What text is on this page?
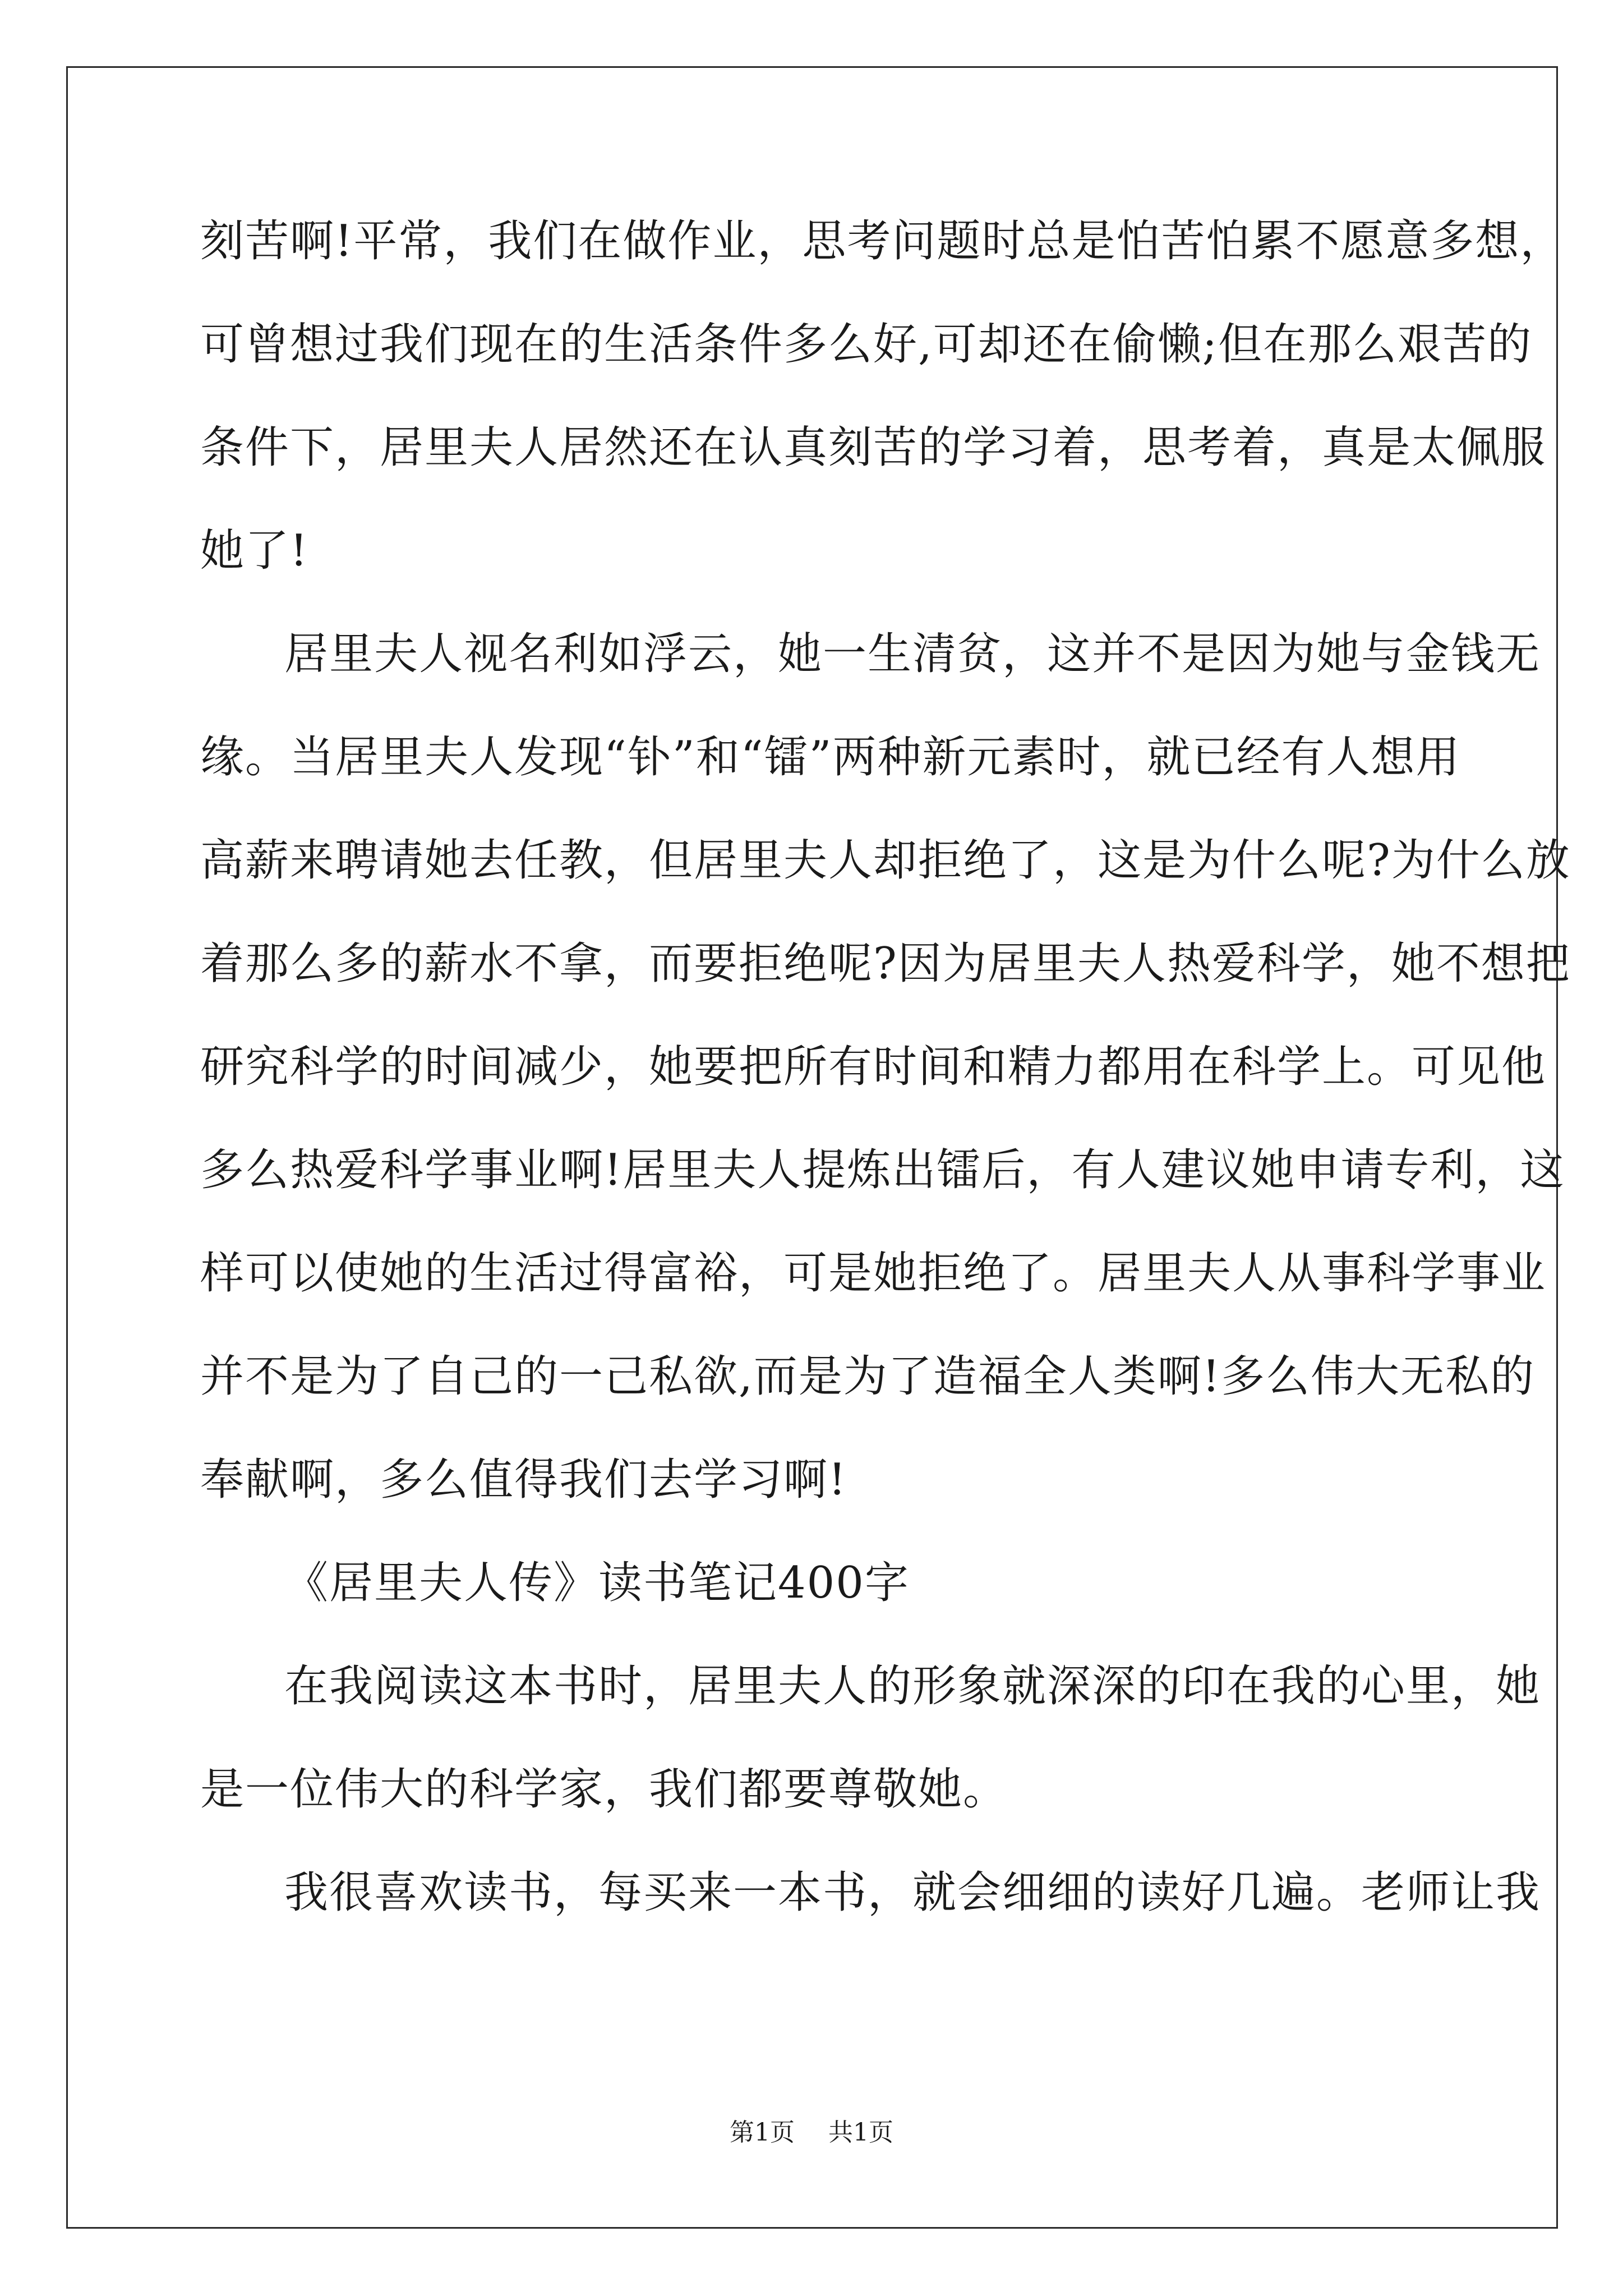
刻苦啊!平常，我们在做作业，思考问题时总是怕苦怕累不愿意多想，
可曾想过我们现在的生活条件多么好,可却还在偷懒;但在那么艰苦的
条件下，居里夫人居然还在认真刻苦的学习着，思考着，真是太佩服
她了!
居里夫人视名利如浮云，她一生清贫，这并不是因为她与金钱无
缘。当居里夫人发现“钋”和“镭”两种新元素时，就已经有人想用
高薪来聘请她去任教，但居里夫人却拒绝了，这是为什么呢?为什么放
着那么多的薪水不拿，而要拒绝呢?因为居里夫人热爱科学，她不想把
研究科学的时间减少，她要把所有时间和精力都用在科学上。可见他
多么热爱科学事业啊!居里夫人提炼出镭后，有人建议她申请专利，这
样可以使她的生活过得富裕，可是她拒绝了。居里夫人从事科学事业
并不是为了自己的一己私欲,而是为了造福全人类啊!多么伟大无私的
奉献啊，多么值得我们去学习啊!
《居里夫人传》读书笔记400字
在我阅读这本书时，居里夫人的形象就深深的印在我的心里，她
是一位伟大的科学家，我们都要尊敬她。
我很喜欢读书，每买来一本书，就会细细的读好几遍。老师让我
第1页 共1页
